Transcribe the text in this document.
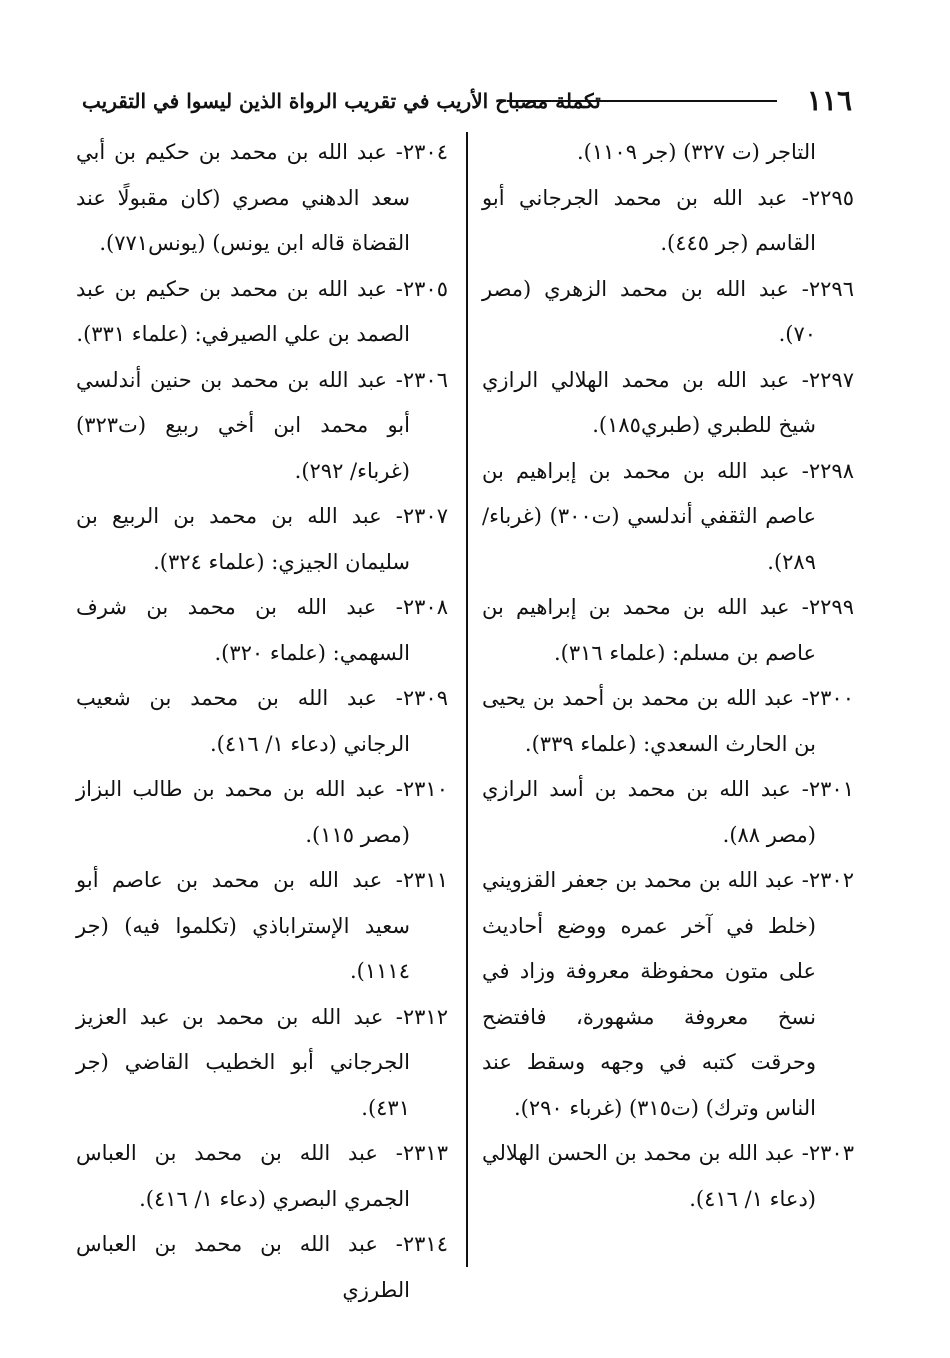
١١٦
تكملة مصباح الأريب في تقريب الرواة الذين ليسوا في التقريب

التاجر (ت ٣٢٧) (جر ١١٠٩).

٢٢٩٥- عبد الله بن محمد الجرجاني أبو القاسم (جر ٤٤٥).

٢٢٩٦- عبد الله بن محمد الزهري (مصر ٧٠).

٢٢٩٧- عبد الله بن محمد الهلالي الرازي شيخ للطبري (طبري١٨٥).

٢٢٩٨- عبد الله بن محمد بن إبراهيم بن عاصم الثقفي أندلسي (ت٣٠٠) (غرباء/ ٢٨٩).

٢٢٩٩- عبد الله بن محمد بن إبراهيم بن عاصم بن مسلم: (علماء ٣١٦).

٢٣٠٠- عبد الله بن محمد بن أحمد بن يحيى بن الحارث السعدي: (علماء ٣٣٩).

٢٣٠١- عبد الله بن محمد بن أسد الرازي (مصر ٨٨).

٢٣٠٢- عبد الله بن محمد بن جعفر القزويني (خلط في آخر عمره ووضع أحاديث على متون محفوظة معروفة وزاد في نسخ معروفة مشهورة، فافتضح وحرقت كتبه في وجهه وسقط عند الناس وترك) (ت٣١٥) (غرباء ٢٩٠).

٢٣٠٣- عبد الله بن محمد بن الحسن الهلالي (دعاء ١/ ٤١٦).

٢٣٠٤- عبد الله بن محمد بن حكيم بن أبي سعد الدهني مصري (كان مقبولًا عند القضاة قاله ابن يونس) (يونس٧٧١).

٢٣٠٥- عبد الله بن محمد بن حكيم بن عبد الصمد بن علي الصيرفي: (علماء ٣٣١).

٢٣٠٦- عبد الله بن محمد بن حنين أندلسي أبو محمد ابن أخي ربيع (ت٣٢٣) (غرباء/ ٢٩٢).

٢٣٠٧- عبد الله بن محمد بن الربيع بن سليمان الجيزي: (علماء ٣٢٤).

٢٣٠٨- عبد الله بن محمد بن شرف السهمي: (علماء ٣٢٠).

٢٣٠٩- عبد الله بن محمد بن شعيب الرجاني (دعاء ١/ ٤١٦).

٢٣١٠- عبد الله بن محمد بن طالب البزاز (مصر ١١٥).

٢٣١١- عبد الله بن محمد بن عاصم أبو سعيد الإستراباذي (تكلموا فيه) (جر ١١١٤).

٢٣١٢- عبد الله بن محمد بن عبد العزيز الجرجاني أبو الخطيب القاضي (جر ٤٣١).

٢٣١٣- عبد الله بن محمد بن العباس الجمري البصري (دعاء ١/ ٤١٦).

٢٣١٤- عبد الله بن محمد بن العباس الطرزي
